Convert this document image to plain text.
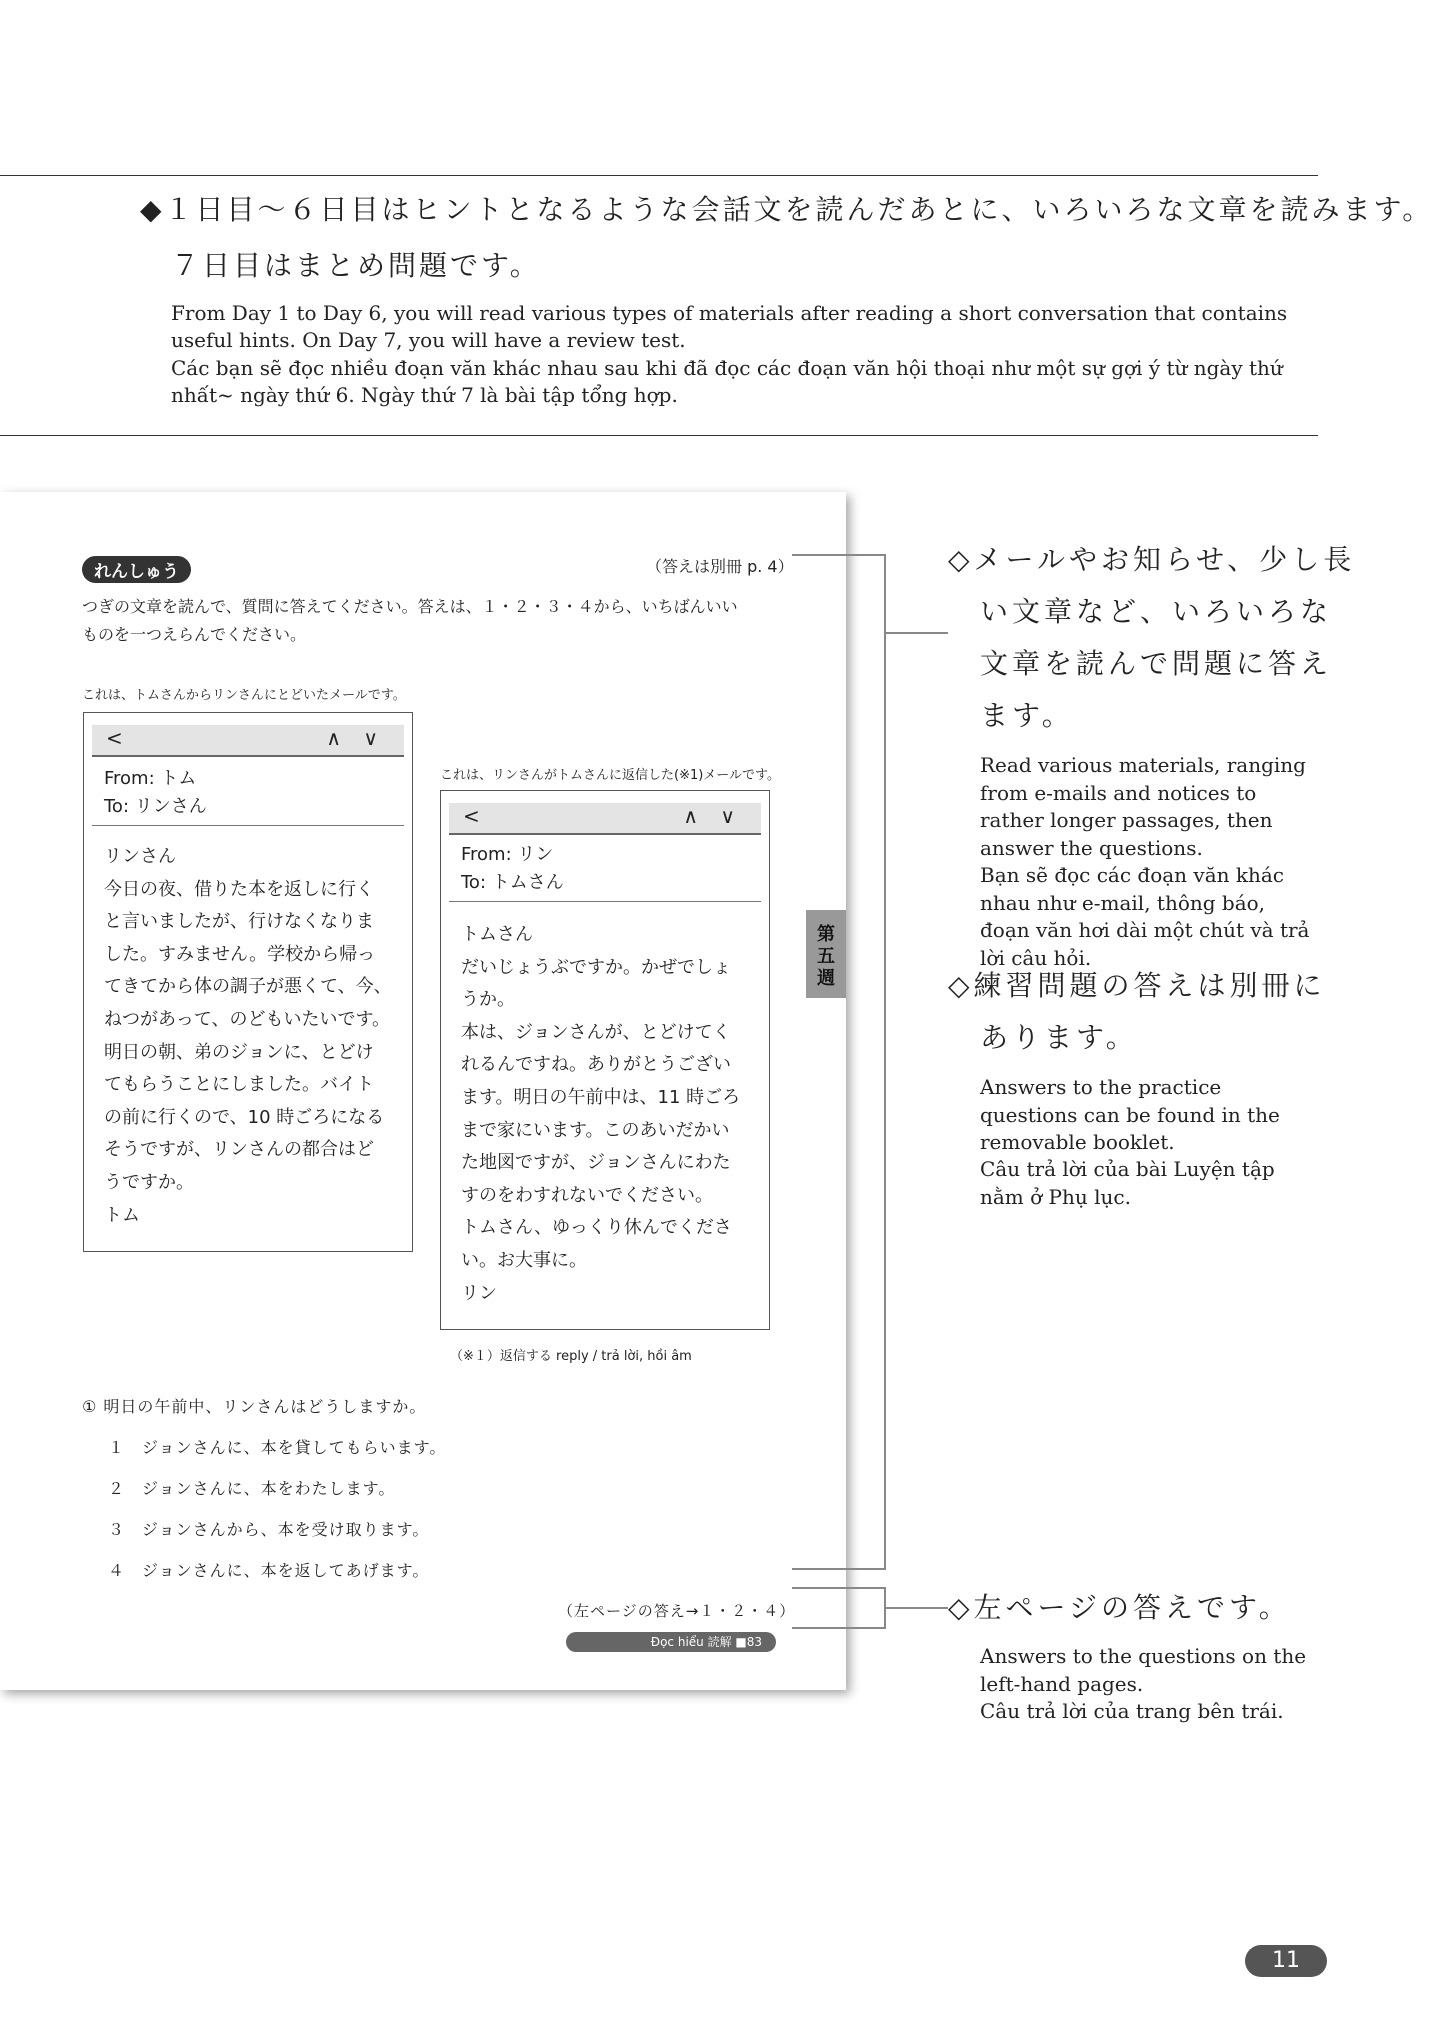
◆１日目～６日目はヒントとなるような会話文を読んだあとに、いろいろな文章を読みます。
７日目はまとめ問題です。
From Day 1 to Day 6, you will read various types of materials after reading a short conversation that contains useful hints. On Day 7, you will have a review test.
Các bạn sẽ đọc nhiều đoạn văn khác nhau sau khi đã đọc các đoạn văn hội thoại như một sự gợi ý từ ngày thứ nhất~ ngày thứ 6. Ngày thứ 7 là bài tập tổng hợp.
れんしゅう	（答えは別冊 p. 4）
つぎの文章を読んで、質問に答えてください。答えは、１・２・３・４から、いちばんいい
ものを一つえらんでください。
これは、トムさんからリンさんにとどいたメールです。
<	∧ ∨
From: トム
To: リンさん
リンさん
今日の夜、借りた本を返しに行く
と言いましたが、行けなくなりま
した。すみません。学校から帰っ
てきてから体の調子が悪くて、今、
ねつがあって、のどもいたいです。
明日の朝、弟のジョンに、とどけ
てもらうことにしました。バイト
の前に行くので、10 時ごろになる
そうですが、リンさんの都合はど
うですか。
トム
これは、リンさんがトムさんに返信した(※1)メールです。
<	∧ ∨
From: リン
To: トムさん
トムさん
だいじょうぶですか。かぜでしょ
うか。
本は、ジョンさんが、とどけてく
れるんですね。ありがとうござい
ます。明日の午前中は、11 時ごろ
まで家にいます。このあいだかい
た地図ですが、ジョンさんにわた
すのをわすれないでください。
トムさん、ゆっくり休んでくださ
い。お大事に。
リン
（※１）返信する reply / trả lời, hồi âm
① 明日の午前中、リンさんはどうしますか。
１　ジョンさんに、本を貸してもらいます。
２　ジョンさんに、本をわたします。
３　ジョンさんから、本を受け取ります。
４　ジョンさんに、本を返してあげます。
（左ページの答え→１・２・４）
Đọc hiểu 読解 ■83
第五週
◇メールやお知らせ、少し長
い文章など、いろいろな
文章を読んで問題に答え
ます。
Read various materials, ranging from e-mails and notices to rather longer passages, then answer the questions.
Bạn sẽ đọc các đoạn văn khác nhau như e-mail, thông báo, đoạn văn hơi dài một chút và trả lời câu hỏi.
◇練習問題の答えは別冊に
あります。
Answers to the practice questions can be found in the removable booklet.
Câu trả lời của bài Luyện tập nằm ở Phụ lục.
◇左ページの答えです。
Answers to the questions on the left-hand pages.
Câu trả lời của trang bên trái.
11
